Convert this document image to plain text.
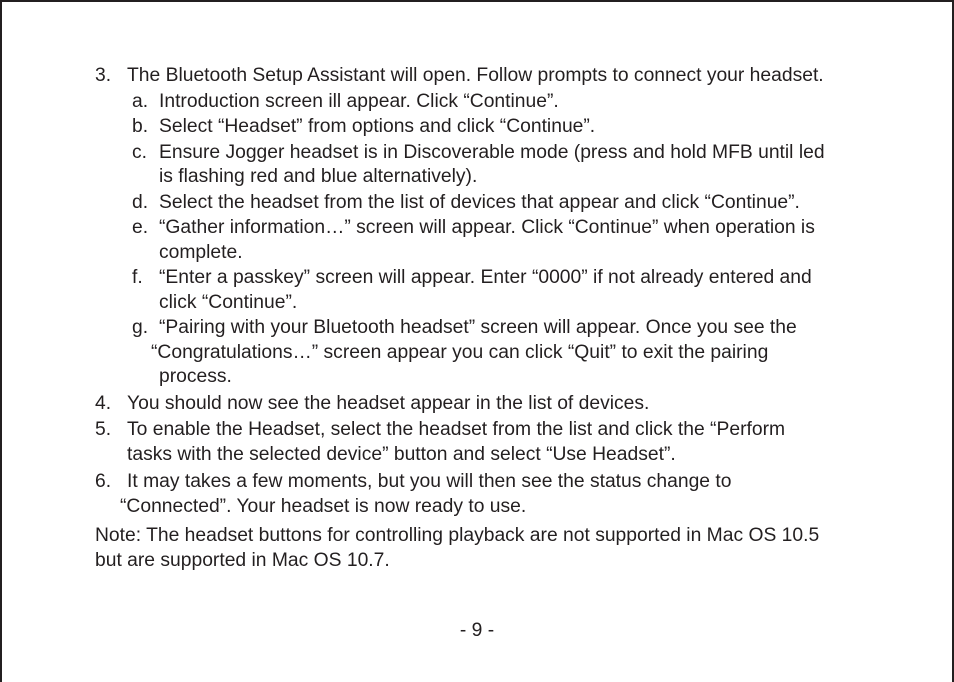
3. The Bluetooth Setup Assistant will open. Follow prompts to connect your headset.
a. Introduction screen ill appear. Click “Continue”.
b. Select “Headset” from options and click “Continue”.
c. Ensure Jogger headset is in Discoverable mode (press and hold MFB until led
is flashing red and blue alternatively).
d. Select the headset from the list of devices that appear and click “Continue”.
e. “Gather information…” screen will appear. Click “Continue” when operation is
complete.
f. “Enter a passkey” screen will appear. Enter “0000” if not already entered and
click “Continue”.
g. “Pairing with your Bluetooth headset” screen will appear. Once you see the
“Congratulations…” screen appear you can click “Quit” to exit the pairing
process.
4. You should now see the headset appear in the list of devices.
5. To enable the Headset, select the headset from the list and click the “Perform
tasks with the selected device” button and select “Use Headset”.
6. It may takes a few moments, but you will then see the status change to
“Connected”. Your headset is now ready to use.
Note: The headset buttons for controlling playback are not supported in Mac OS 10.5
but are supported in Mac OS 10.7.
- 9 -
